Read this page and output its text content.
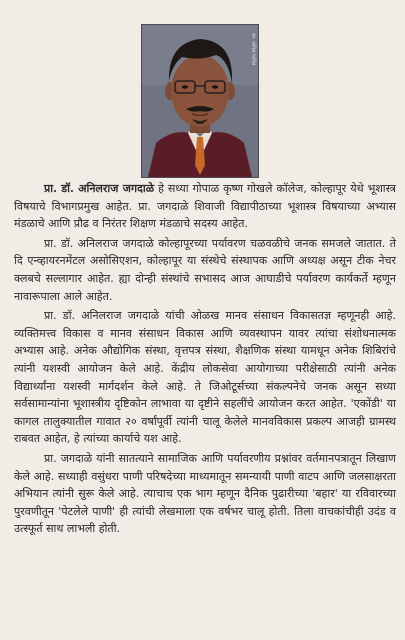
छा. अनिल पाटील

प्रा. डॉ. अनिलराज जगदाळे हे सध्या गोपाळ कृष्ण गोखले कॉलेज, कोल्हापूर येथे भूशास्त्र विषयाचे विभागप्रमुख आहेत. प्रा. जगदाळे शिवाजी विद्यापीठाच्या भूशास्त्र विषयाच्या अभ्यास मंडळाचे आणि प्रौढ व निरंतर शिक्षण मंडळाचे सदस्य आहेत.

प्रा. डॉ. अनिलराज जगदाळे कोल्हापूरच्या पर्यावरण चळवळीचे जनक समजले जातात. ते दि एन्व्हायरनमेंटल असोसिएशन, कोल्हापूर या संस्थेचे संस्थापक आणि अध्यक्ष असून टीक नेचर क्लबचे सल्लागार आहेत. ह्या दोन्ही संस्थांचे सभासद आज आघाडीचे पर्यावरण कार्यकर्ते म्हणून नावारूपाला आले आहेत.

प्रा. डॉ. अनिलराज जगदाळे यांची ओळख मानव संसाधन विकासतज्ञ म्हणूनही आहे. व्यक्तिमत्त्व विकास व मानव संसाधन विकास आणि व्यवस्थापन यावर त्यांचा संशोधनात्मक अभ्यास आहे. अनेक औद्योगिक संस्था, वृत्तपत्र संस्था, शैक्षणिक संस्था यामधून अनेक शिबिरांचे त्यांनी यशस्वी आयोजन केले आहे. केंद्रीय लोकसेवा आयोगाच्या परीक्षेसाठी त्यांनी अनेक विद्यार्थ्यांना यशस्वी मार्गदर्शन केले आहे. ते जिओटूर्सच्या संकल्पनेचे जनक असून सध्या सर्वसामान्यांना भूशास्त्रीय दृष्टिकोन लाभावा या दृष्टीने सहलींचे आयोजन करत आहेत. 'एकोंडी' या कागल तालुक्यातील गावात २० वर्षांपूर्वी त्यांनी चालू केलेले मानवविकास प्रकल्प आजही ग्रामस्थ राबवत आहेत, हे त्यांच्या कार्याचे यश आहे.

प्रा. जगदाळे यांनी सातत्याने सामाजिक आणि पर्यावरणीय प्रश्नांवर वर्तमानपत्रातून लिखाण केले आहे. सध्याही वसुंधरा पाणी परिषदेच्या माध्यमातून समन्यायी पाणी वाटप आणि जलसाक्षरता अभियान त्यांनी सुरू केले आहे. त्याचाच एक भाग म्हणून दैनिक पुढारीच्या 'बहार' या रविवारच्या पुरवणीतून 'पेटलेले पाणी' ही त्यांची लेखमाला एक वर्षभर चालू होती. तिला वाचकांचीही उदंड व उत्स्फूर्त साथ लाभली होती.
